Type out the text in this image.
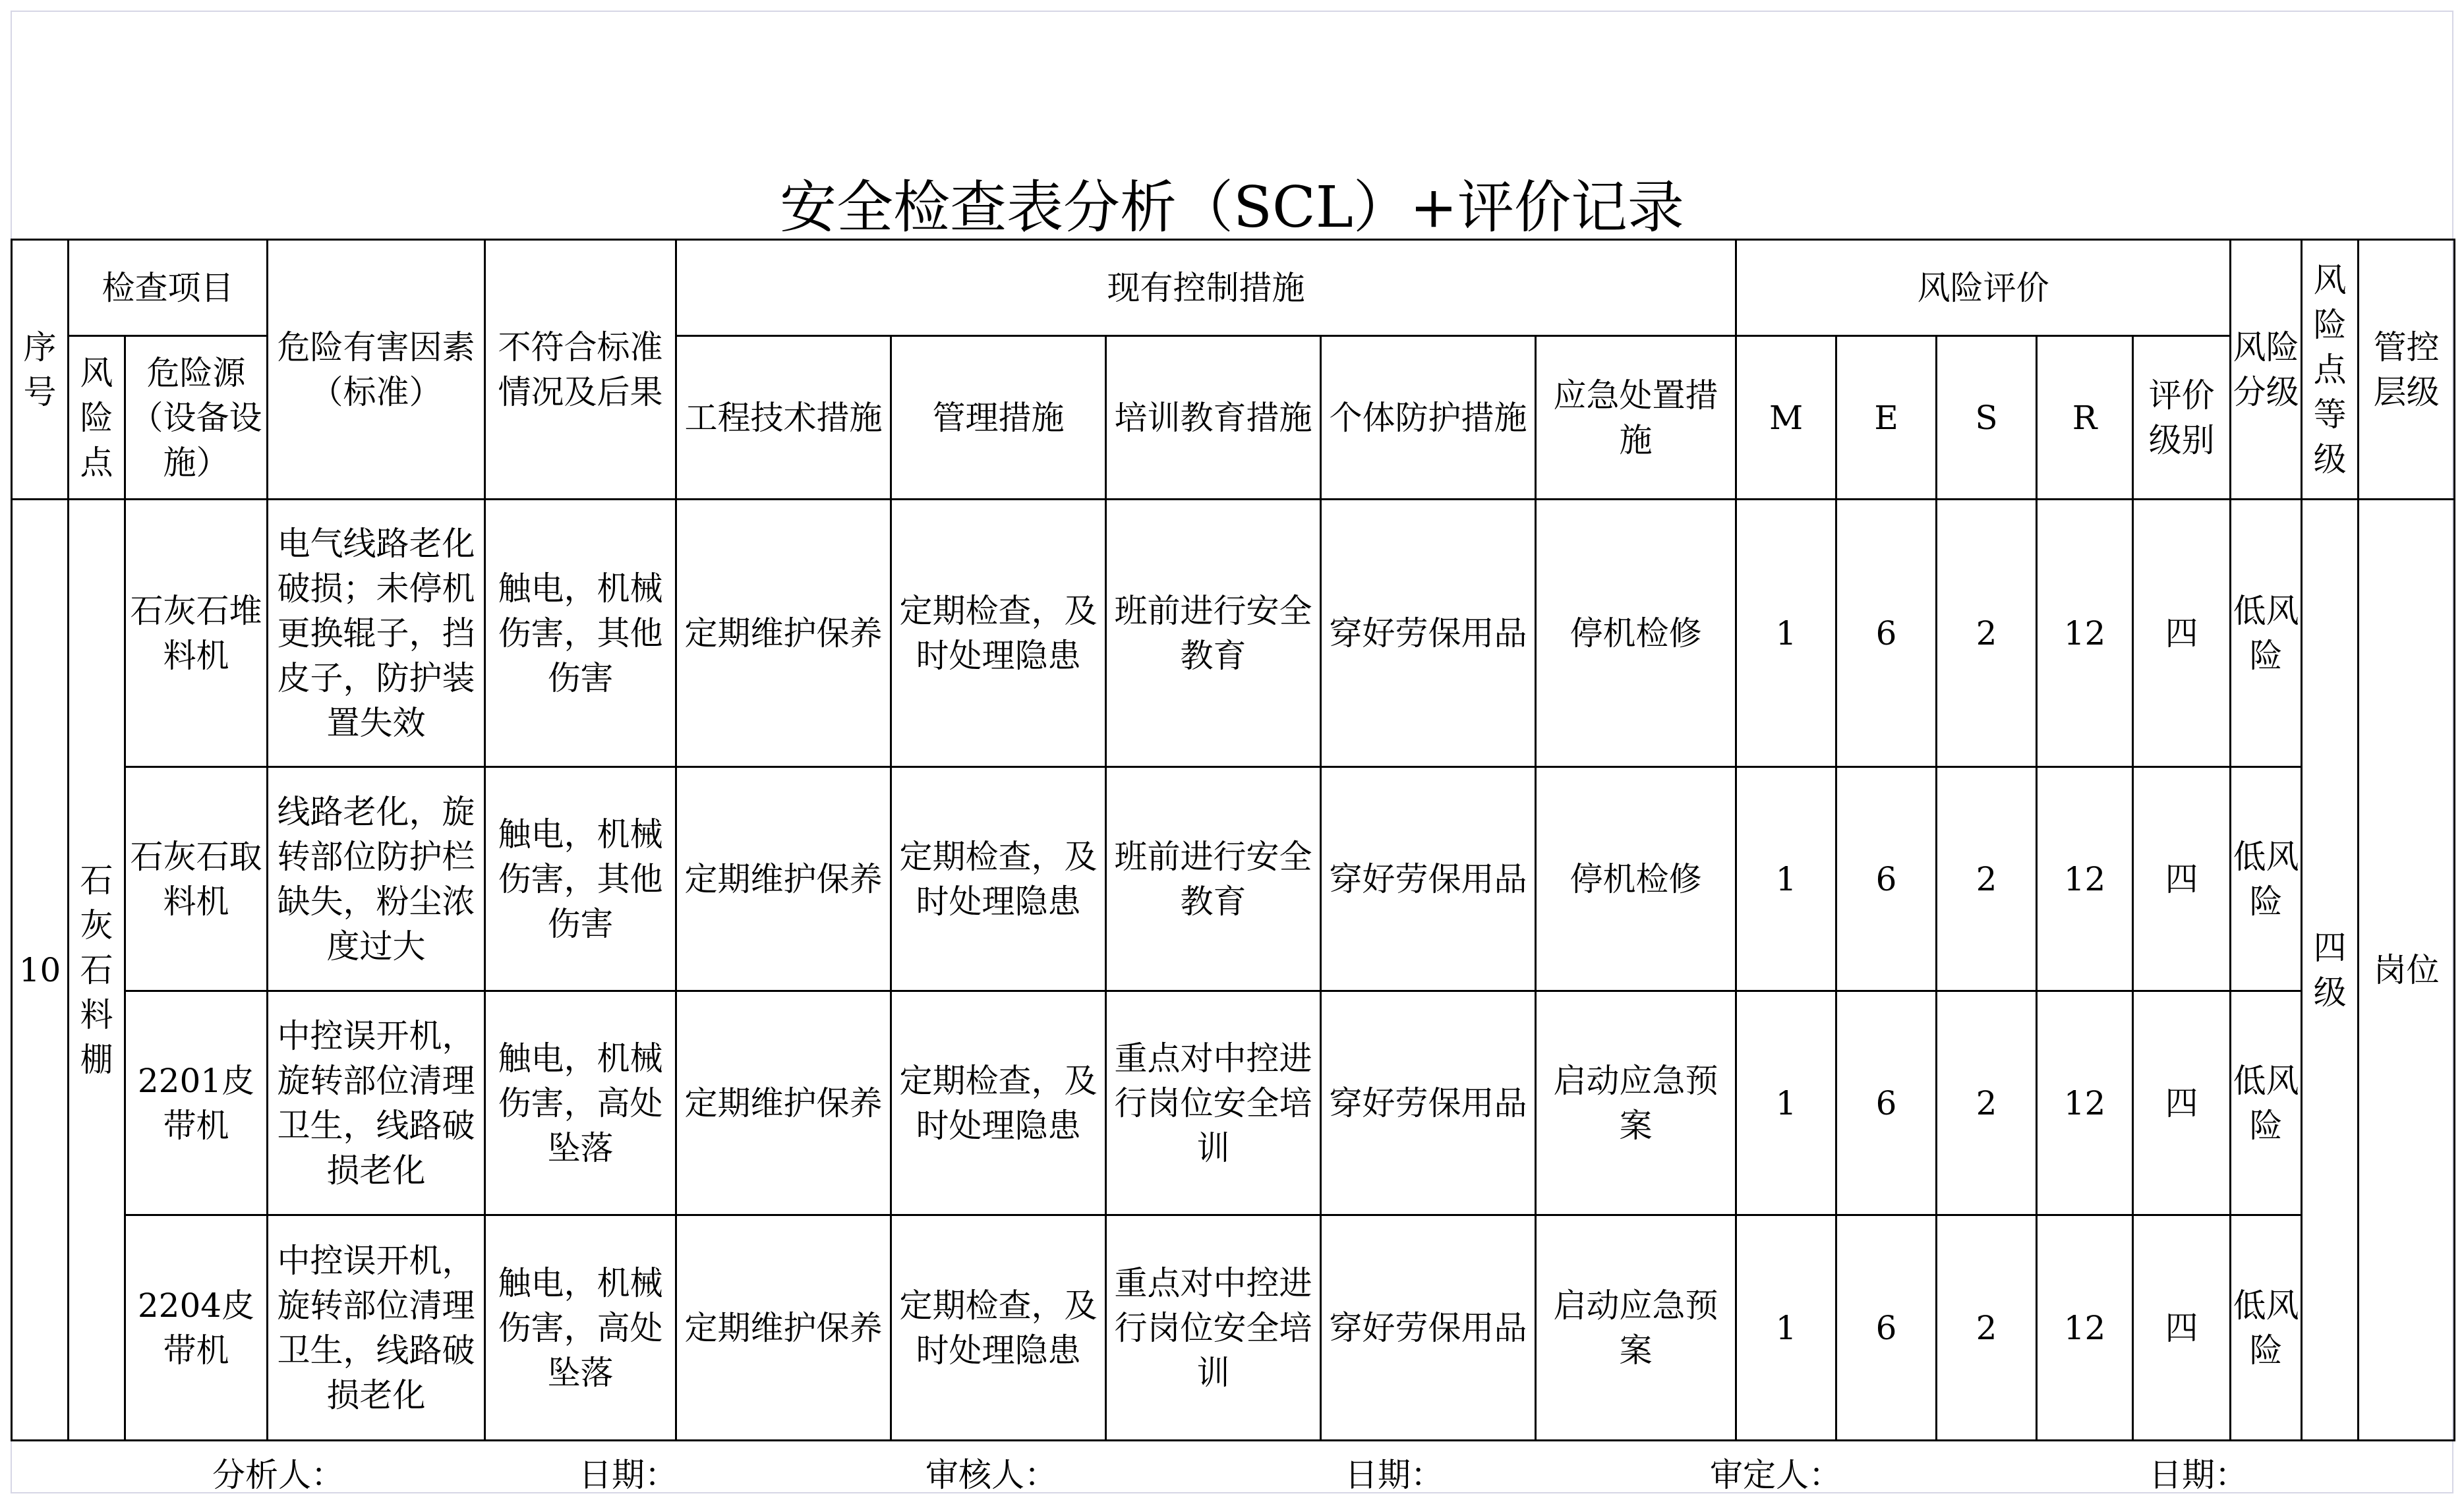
安全检查表分析（SCL）+评价记录
序号	检查项目		危险有害因素（标准）	不符合标准情况及后果	现有控制措施					风险评价					风险分级	风险点等级	管控层级
	风险点	危险源（设备设施）			工程技术措施	管理措施	培训教育措施	个体防护措施	应急处置措施	M	E	S	R	评价级别			
10	石灰石料棚	石灰石堆料机	电气线路老化破损；未停机更换辊子，挡皮子，防护装置失效	触电，机械伤害，其他伤害	定期维护保养	定期检查，及时处理隐患	班前进行安全教育	穿好劳保用品	停机检修	1	6	2	12	四	低风险	四级	岗位
		石灰石取料机	线路老化，旋转部位防护栏缺失，粉尘浓度过大	触电，机械伤害，其他伤害	定期维护保养	定期检查，及时处理隐患	班前进行安全教育	穿好劳保用品	停机检修	1	6	2	12	四	低风险		
		2201皮带机	中控误开机，旋转部位清理卫生，线路破损老化	触电，机械伤害，高处坠落	定期维护保养	定期检查，及时处理隐患	重点对中控进行岗位安全培训	穿好劳保用品	启动应急预案	1	6	2	12	四	低风险		
		2204皮带机	中控误开机，旋转部位清理卫生，线路破损老化	触电，机械伤害，高处坠落	定期维护保养	定期检查，及时处理隐患	重点对中控进行岗位安全培训	穿好劳保用品	启动应急预案	1	6	2	12	四	低风险		
分析人：	日期：	审核人：	日期：	审定人：	日期：
